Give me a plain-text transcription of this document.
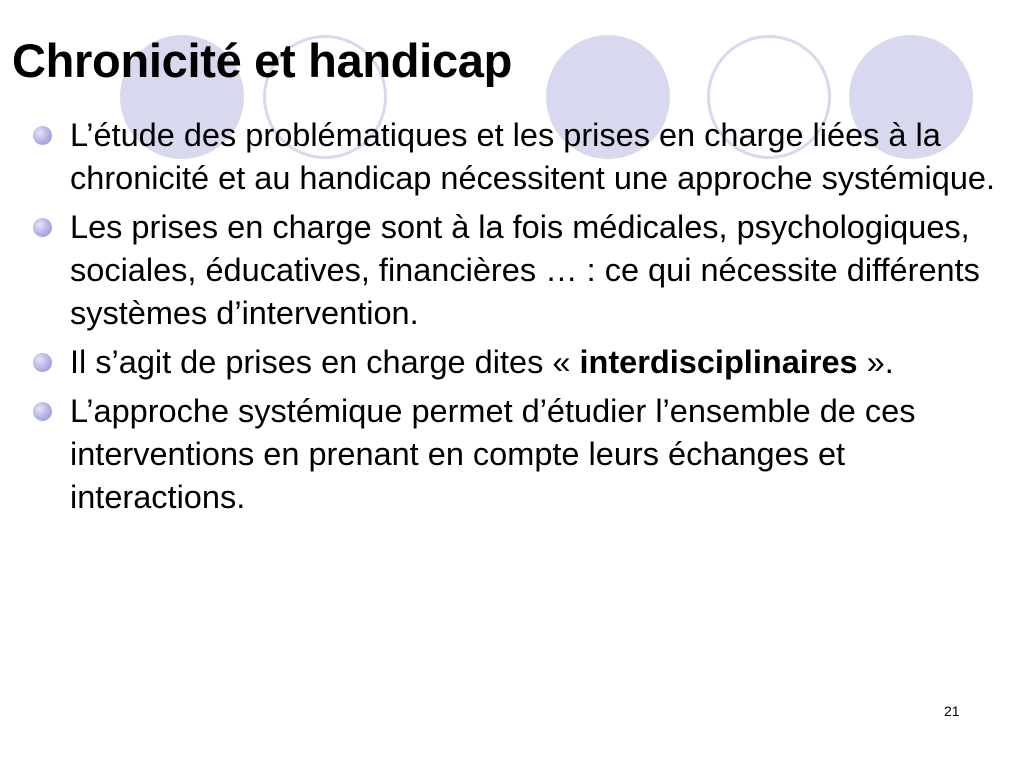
Chronicité et handicap
L’étude des problématiques et les prises en charge liées à la chronicité et au handicap nécessitent une approche systémique.
Les prises en charge sont à la fois médicales, psychologiques, sociales, éducatives, financières … : ce qui nécessite différents systèmes d’intervention.
Il s’agit de prises en charge dites « interdisciplinaires ».
L’approche systémique permet d’étudier l’ensemble de ces interventions en prenant en compte leurs échanges et interactions.
21
